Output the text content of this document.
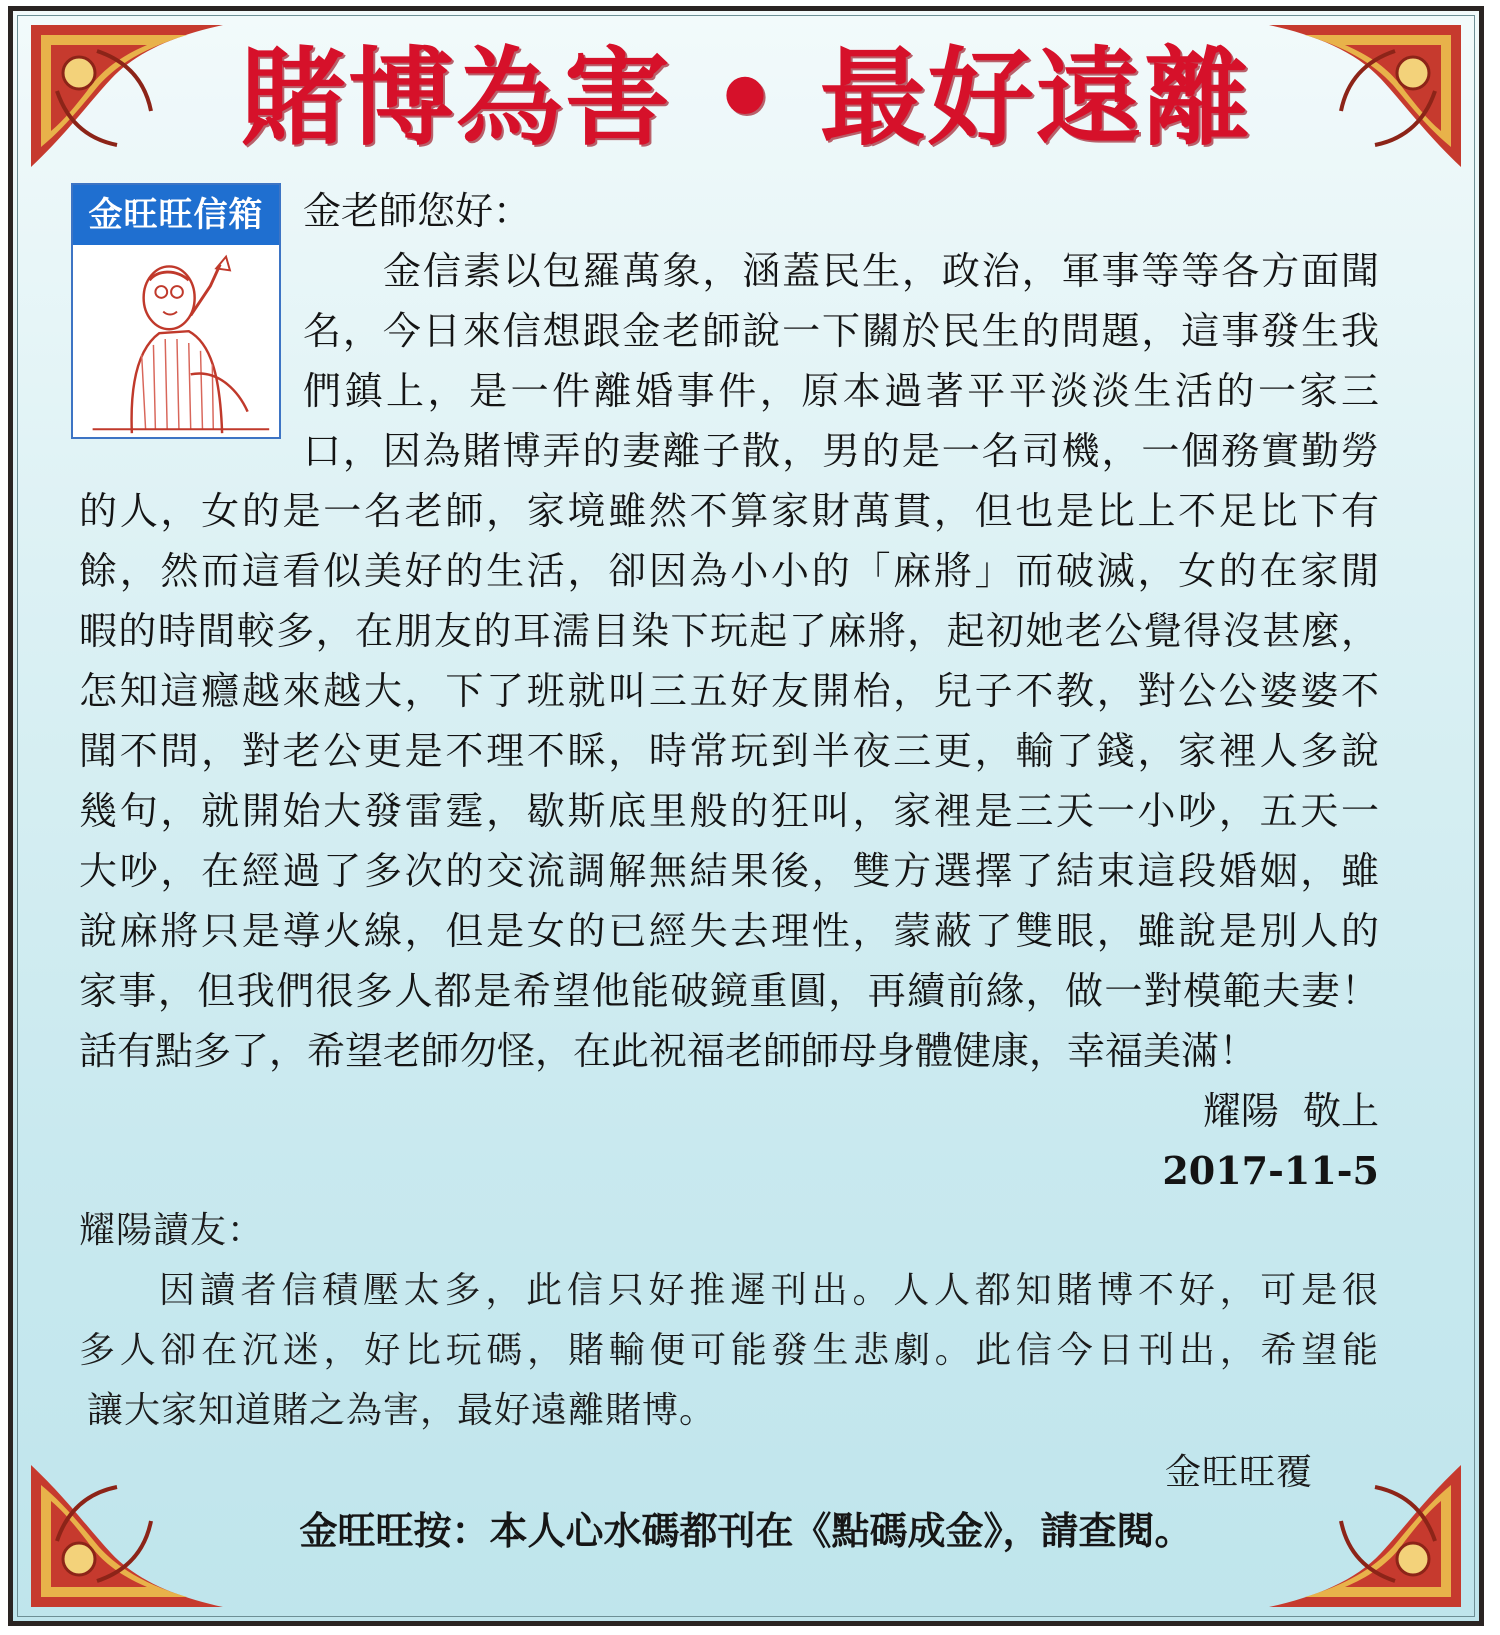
賭博為害 • 最好遠離
金旺旺信箱	金老師您好：
金信素以包羅萬象，涵蓋民生，政治，軍事等等各方面聞
名，今日來信想跟金老師說一下關於民生的問題，這事發生我
們鎮上，是一件離婚事件，原本過著平平淡淡生活的一家三
口，因為賭博弄的妻離子散，男的是一名司機，一個務實勤勞
的人，女的是一名老師，家境雖然不算家財萬貫，但也是比上不足比下有
餘，然而這看似美好的生活，卻因為小小的「麻將」而破滅，女的在家閒
暇的時間較多，在朋友的耳濡目染下玩起了麻將，起初她老公覺得沒甚麼，
怎知這癮越來越大，下了班就叫三五好友開枱，兒子不教，對公公婆婆不
聞不問，對老公更是不理不睬，時常玩到半夜三更，輸了錢，家裡人多說
幾句，就開始大發雷霆，歇斯底里般的狂叫，家裡是三天一小吵，五天一
大吵，在經過了多次的交流調解無結果後，雙方選擇了結束這段婚姻，雖
說麻將只是導火線，但是女的已經失去理性，蒙蔽了雙眼，雖說是別人的
家事，但我們很多人都是希望他能破鏡重圓，再續前緣，做一對模範夫妻！
話有點多了，希望老師勿怪，在此祝福老師師母身體健康，幸福美滿！
耀陽  敬上
2017-11-5
耀陽讀友：
因讀者信積壓太多，此信只好推遲刊出。人人都知賭博不好，可是很
多人卻在沉迷，好比玩碼，賭輸便可能發生悲劇。此信今日刊出，希望能
讓大家知道賭之為害，最好遠離賭博。
金旺旺覆
金旺旺按：本人心水碼都刊在《點碼成金》，請查閱。
